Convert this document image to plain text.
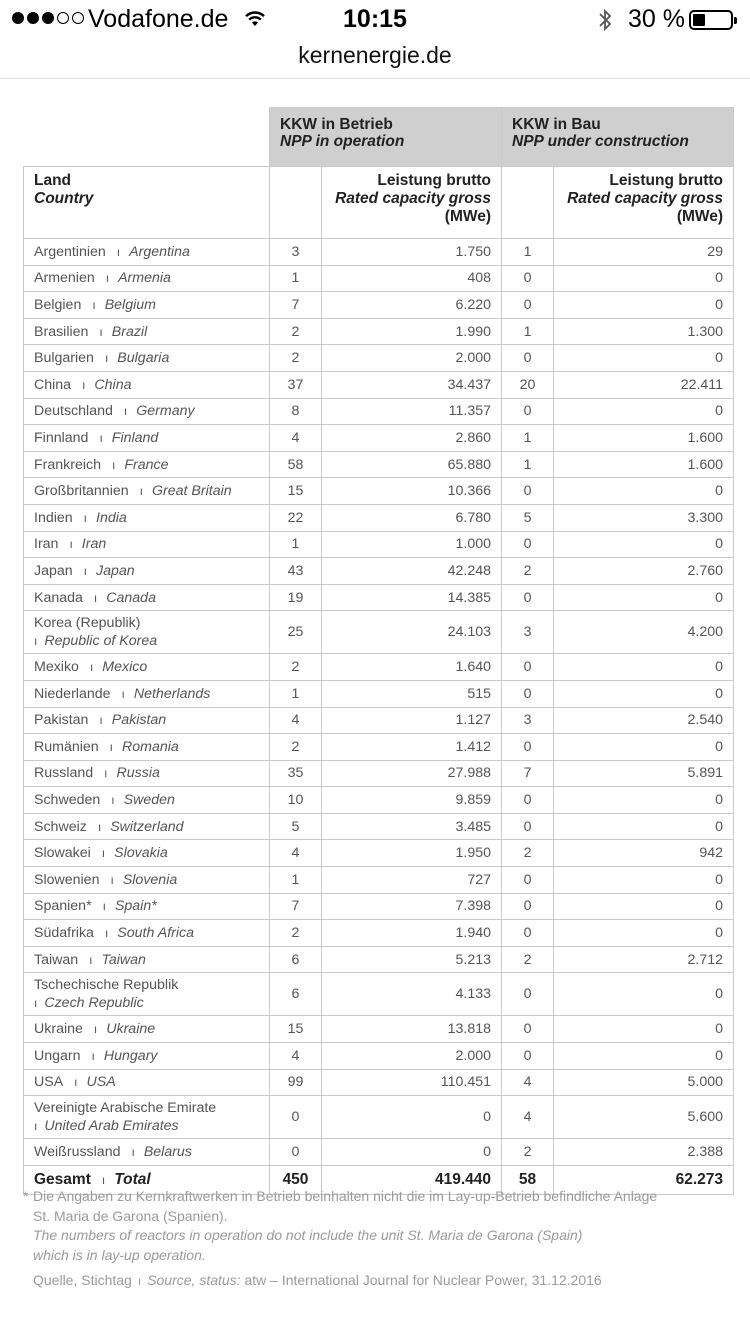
Vodafone.de	10:15	30 %
kernenergie.de
	KKW in Betrieb
NPP in operation		KKW in Bau
NPP under construction	

Land
Country		Leistung brutto
Rated capacity gross
(MWe)		Leistung brutto
Rated capacity gross
(MWe)

Argentinien ı Argentina	3	1.750	1	29
Armenien ı Armenia	1	408	0	0
Belgien ı Belgium	7	6.220	0	0
Brasilien ı Brazil	2	1.990	1	1.300
Bulgarien ı Bulgaria	2	2.000	0	0
China ı China	37	34.437	20	22.411
Deutschland ı Germany	8	11.357	0	0
Finnland ı Finland	4	2.860	1	1.600
Frankreich ı France	58	65.880	1	1.600
Großbritannien ı Great Britain	15	10.366	0	0
Indien ı India	22	6.780	5	3.300
Iran ı Iran	1	1.000	0	0
Japan ı Japan	43	42.248	2	2.760
Kanada ı Canada	19	14.385	0	0
Korea (Republik)
ı Republic of Korea	25	24.103	3	4.200
Mexiko ı Mexico	2	1.640	0	0
Niederlande ı Netherlands	1	515	0	0
Pakistan ı Pakistan	4	1.127	3	2.540
Rumänien ı Romania	2	1.412	0	0
Russland ı Russia	35	27.988	7	5.891
Schweden ı Sweden	10	9.859	0	0
Schweiz ı Switzerland	5	3.485	0	0
Slowakei ı Slovakia	4	1.950	2	942
Slowenien ı Slovenia	1	727	0	0
Spanien* ı Spain*	7	7.398	0	0
Südafrika ı South Africa	2	1.940	0	0
Taiwan ı Taiwan	6	5.213	2	2.712
Tschechische Republik
ı Czech Republic	6	4.133	0	0
Ukraine ı Ukraine	15	13.818	0	0
Ungarn ı Hungary	4	2.000	0	0
USA ı USA	99	110.451	4	5.000
Vereinigte Arabische Emirate
ı United Arab Emirates	0	0	4	5.600
Weißrussland ı Belarus	0	0	2	2.388
Gesamt ı Total	450	419.440	58	62.273

* Die Angaben zu Kernkraftwerken in Betrieb beinhalten nicht die im Lay-up-Betrieb befindliche Anlage

St. Maria de Garona (Spanien).

The numbers of reactors in operation do not include the unit St. Maria de Garona (Spain)

which is in lay-up operation.

Quelle, Stichtag ı Source, status: atw – International Journal for Nuclear Power, 31.12.2016
